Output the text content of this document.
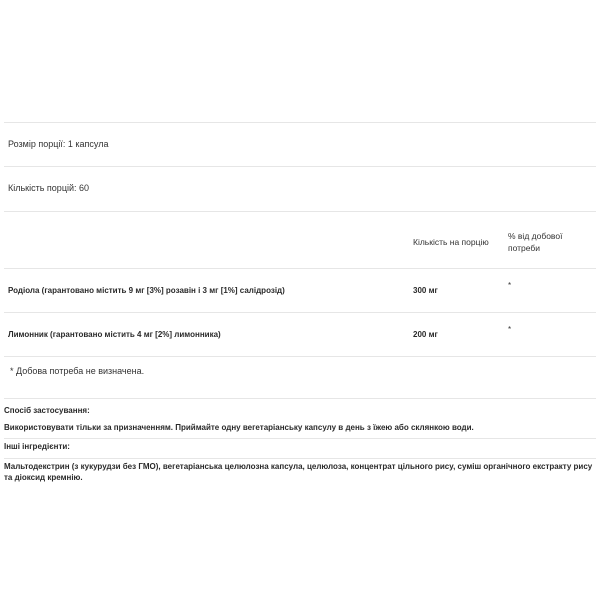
Розмір порції: 1 капсула
Кількість порцій: 60
Кількість на порцію
% від добової потреби
Родіола (гарантовано містить 9 мг [3%] розавін і 3 мг [1%] салідрозід)	300 мг
*
Лимонник (гарантовано містить 4 мг [2%] лимонника)	200 мг
*
* Добова потреба не визначена.

Спосіб застосування:

Використовувати тільки за призначенням. Приймайте одну вегетаріанську капсулу в день з їжею або склянкою води.

Інші інгредієнти:

Мальтодекстрин (з кукурудзи без ГМО), вегетаріанська целюлозна капсула, целюлоза, концентрат цільного рису, суміш органічного екстракту рису та діоксид кремнію.
